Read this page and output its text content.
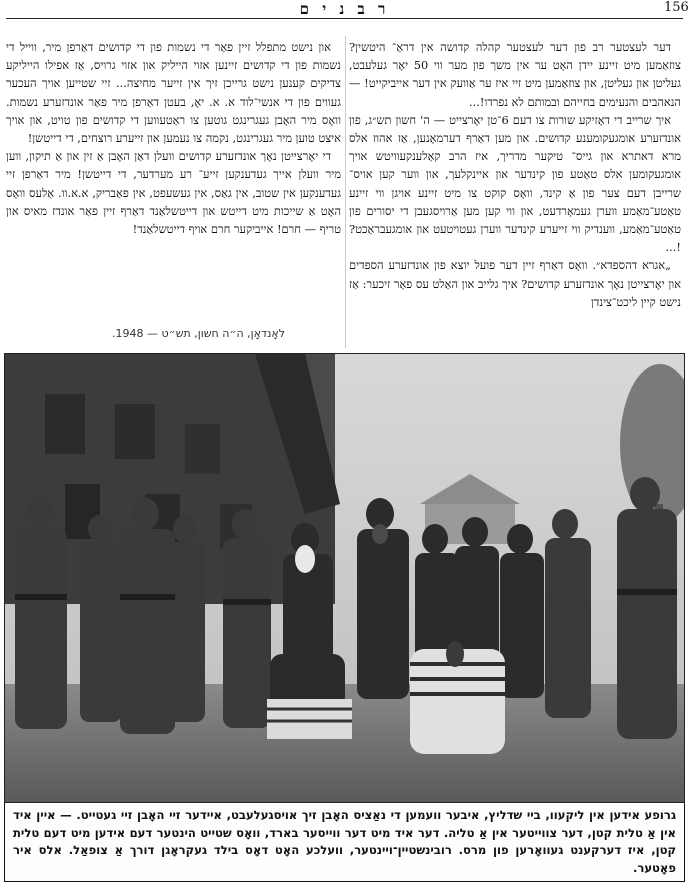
ר ב נ י ם	156

דער לעצטער רב פון דער לעצטער קהלה קדושה אין דראַ־ היטשין? צוזאַמען מיט זיינע יידן האָט ער אין משך פון מער ווי 50 יאָר געלעבט, געליטן און געליטן, און צוזאַמען מיט זיי איז ער אַוועק אין דער אייביקייט! — הנאהבים והנעימים בחייהם ובמותם לא נפרדו!...

איך שרייב די דאָזיקע שורות צו דעם 6־טן יאָרצייט — ה' חשון תש״ג, פון אונדזערע אומגעקומענע קדושים. און מען דאַרף דערמאָנען, אַז אהוז אלס מרא דאתרא און גייס־ טיקער מדריך, איז הרב קאַלענקעוויטש אויך אומגעקומען אלס טאַטע פון קינדער און איינקלעך, און ווער קען אויס־ שרייבן דעם צער פון אַ קינד, וואָס קוקט צו מיט זיינע אויגן ווי זיינע טאַטע־מאַמע ווערן געמאָרדעט, און ווי קען מען אַרויסגעבן די יסורים פון טאַטע־מאַמע, ווענדיק ווי זייערע קינדער ווערן געטויטעט און אומגעבראַכט? !...

„אגרא דהספדא״. וואָס דאַרף זיין דער פועל יוצא פון אונדזערע הספדים און יאָרצייטן נאָך אונדזערע קדושים? איך גלייב און האַלט עס פאַר זיכער: אַז נישט קיין ליכט־צינדן

און נישט מתפלל זיין פאַר די נשמות פון די קדושים דאַרפן מיר, ווייל די נשמות פון די קדושים זיינען אזוי הייליק און אזוי גרויס, אַז אפילו הייליקע צדיקים קענען נישט גרייכן זיך אין זייער מחיצה... זיי שטייען אויך העכער געווים פון די אנשי־לוד א. א. יאָ, בעטן דאַרפן מיר פאַר אונדזערע נשמות. וואָס מיר האָבן געגרינגט גוטען צו ראַטעווען די קדושים פון טויט, און אויך איצט טוען מיר געגרינגט, נקמה צו נעמען און זייערע רוצחים, די דייטשן!

די יאָרצייטן נאָך אונדזערע קדושים וועלן דאַן האָבן אַ זין און אַ תיקון, ווען מיר וועלן אייך געדענקען זייע־ רע מערדער, די דייטשן! מיר דאַרפן זיי געדענקען אין שטוב, אין גאַס, אין געשעפט, אין פאַבריק, א.א.וו. אַלעס וואָס האָט אַ שייכות מיט דייטש און דייטשלאַנד דאַרף זיין פאַר אונדז מאיס און טריף — חרם! אייביקער חרם אויף דייטשלאַנד!

לאָנדאָן, ה״ה חשון, תש״ט — 1948.
גרופע אידען אין ליקעוו, ביי שדליץ, איבער וועמען די נאַציס האָבן זיך אויסגעלעבט, איידער זיי האָבן זיי געטייט. — איין איד אין אַ טלית קטן, דער צווייטער אין אַ טליה. דער איד מיט דער ווייסער בארד, וואָס שטייט הינטער דעם אידען מיט דעם טלית קטן, איז דערקענט געוואָרען פון מרס. רובינשטיין־ויינטער, וועלכע האָט דאָס בילד געקראָגן דורך אַ צופאַל. אלס איר פאָטער.
